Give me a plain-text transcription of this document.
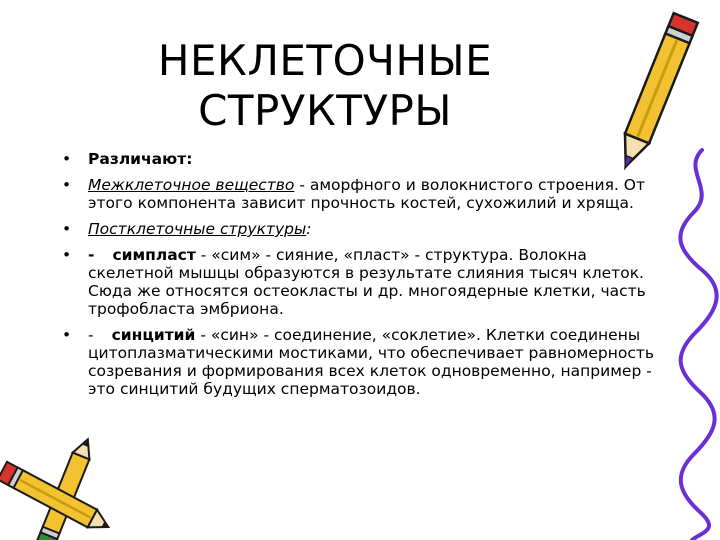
НЕКЛЕТОЧНЫЕ
СТРУКТУРЫ
• Различают:
• Межклеточное вещество - аморфного и волокнистого строения. От этого компонента зависит прочность костей, сухожилий и хряща.
• Постклеточные структуры:
• - симпласт - «сим» - сияние, «пласт» - структура. Волокна скелетной мышцы образуются в результате слияния тысяч клеток. Сюда же относятся остеокласты и др. многоядерные клетки, часть трофобласта эмбриона.
• - синцитий - «син» - соединение, «соклетие». Клетки соединены цитоплазматическими мостиками, что обеспечивает равномерность созревания и формирования всех клеток одновременно, например - это синцитий будущих сперматозоидов.
